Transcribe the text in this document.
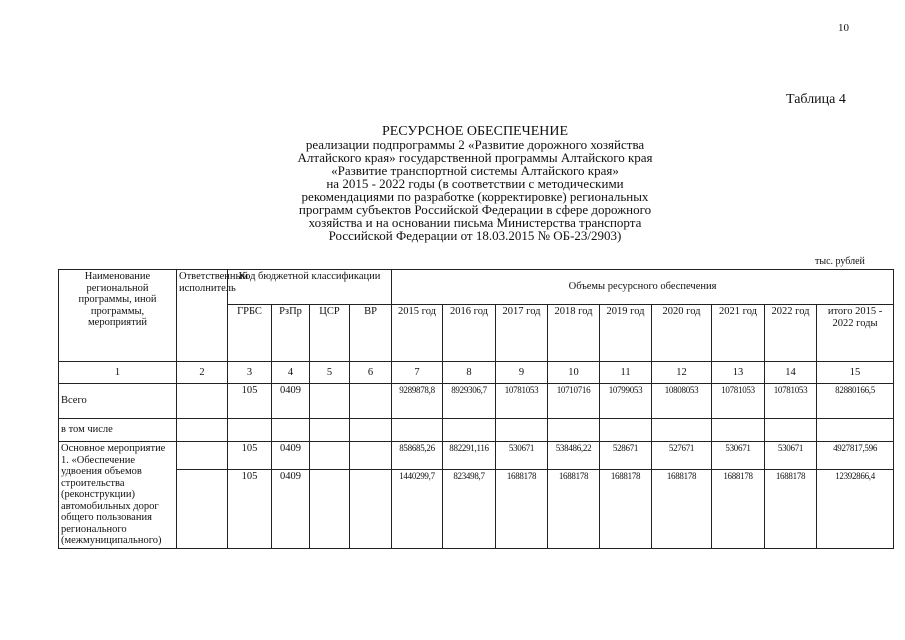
10
Таблица 4
РЕСУРСНОЕ ОБЕСПЕЧЕНИЕ
реализации подпрограммы 2 «Развитие дорожного хозяйства
Алтайского края» государственной программы Алтайского края
«Развитие транспортной системы Алтайского края»
на 2015 - 2022 годы (в соответствии с методическими
рекомендациями по разработке (корректировке) региональных
программ субъектов Российской Федерации в сфере дорожного
хозяйства и на основании письма Министерства транспорта
Российской Федерации от 18.03.2015 № ОБ-23/2903)
тыс. рублей
Наименование региональной программы, иной программы, мероприятий	Ответственный исполнитель	Код бюджетной классификации				Объемы ресурсного обеспечения								
		ГРБС	РзПр	ЦСР	ВР	2015 год	2016 год	2017 год	2018 год	2019 год	2020 год	2021 год	2022 год	итого 2015 - 2022 годы
1	2	3	4	5	6	7	8	9	10	11	12	13	14	15
Всего		105	0409			9289878,8	8929306,7	10781053	10710716	10799053	10808053	10781053	10781053	82880166,5
в том числе														
Основное мероприятие 1. «Обеспечение удвоения объемов строительства (реконструкции) автомобильных дорог общего пользования регионального (межмуниципального)		105	0409			858685,26	882291,116	530671	538486,22	528671	527671	530671	530671	4927817,596
		105	0409			1440299,7	823498,7	1688178	1688178	1688178	1688178	1688178	1688178	12392866,4
